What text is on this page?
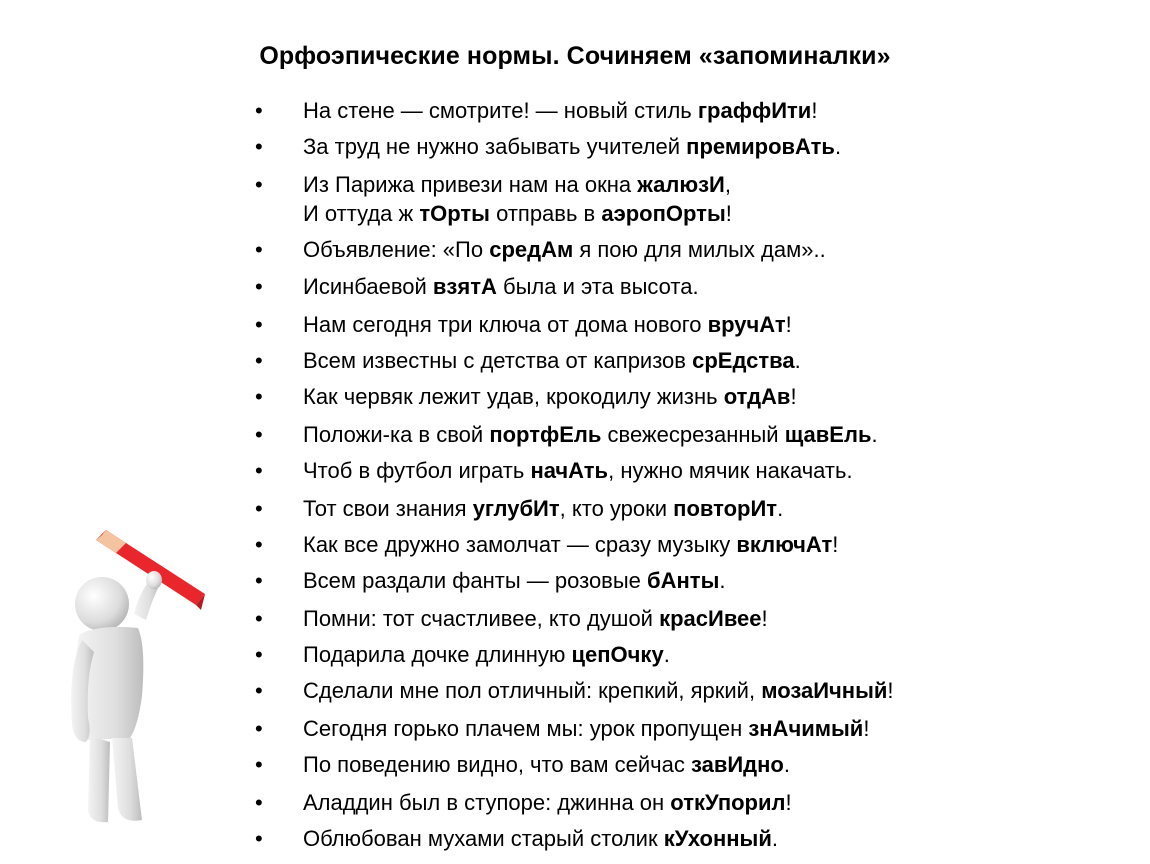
Орфоэпические нормы. Сочиняем «запоминалки»
• На стене — смотрите! — новый стиль граффИти!
• За труд не нужно забывать учителей премировАть.
• Из Парижа привези нам на окна жалюзИ,
И оттуда ж тОрты отправь в аэропОрты!
• Объявление: «По средАм я пою для милых дам»..
• Исинбаевой взятА была и эта высота.
• Нам сегодня три ключа от дома нового вручАт!
• Всем известны с детства от капризов срЕдства.
• Как червяк лежит удав, крокодилу жизнь отдАв!
• Положи-ка в свой портфЕль свежесрезанный щавЕль.
• Чтоб в футбол играть начАть, нужно мячик накачать.
• Тот свои знания углубИт, кто уроки повторИт.
• Как все дружно замолчат — сразу музыку включАт!
• Всем раздали фанты — розовые бАнты.
• Помни: тот счастливее, кто душой красИвее!
• Подарила дочке длинную цепОчку.
• Сделали мне пол отличный: крепкий, яркий, мозаИчный!
• Сегодня горько плачем мы: урок пропущен знАчимый!
• По поведению видно, что вам сейчас завИдно.
• Аладдин был в ступоре: джинна он откУпорил!
• Облюбован мухами старый столик кУхонный.
